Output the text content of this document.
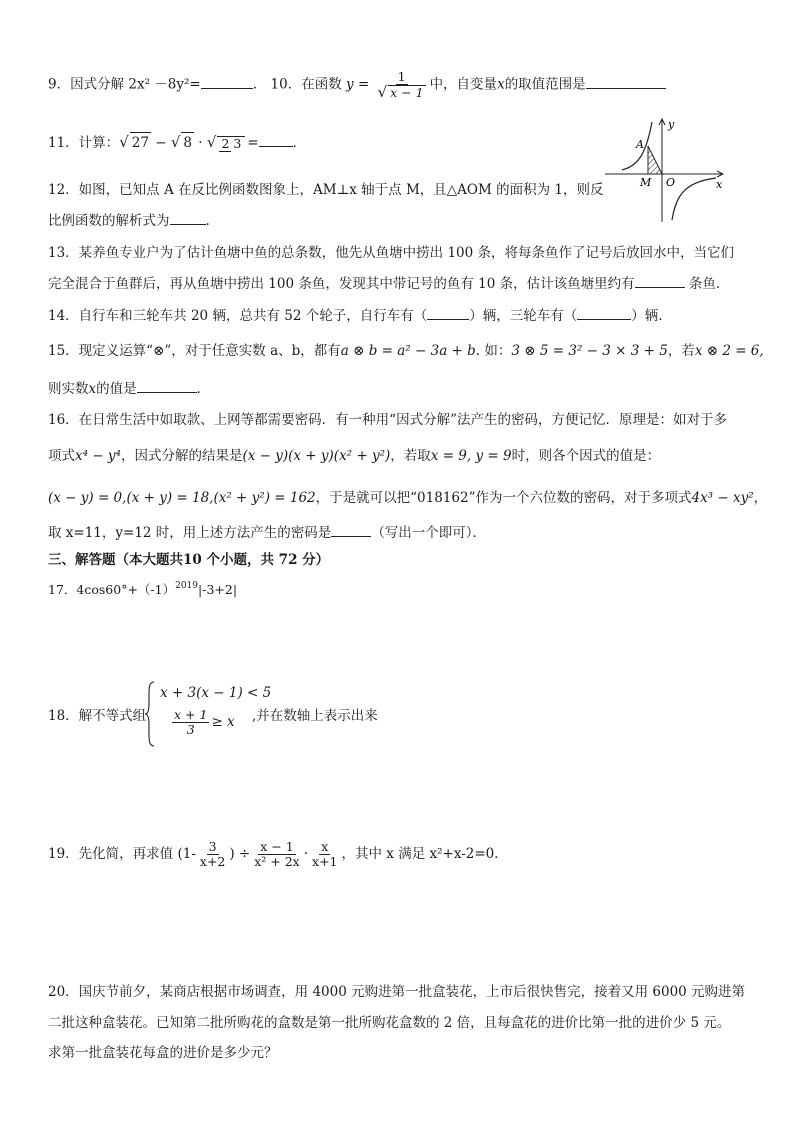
9．因式分解 2x² －8y²=	． 10．在函数 $y = \frac{1}{√ x - 1}$ 中，自变量x的取值范围是
11．计算：√ 27 − √ 8 · √ 2 3 =	．	A
M O	x
y
12．如图，已知点 A 在反比例函数图象上，AM⊥x 轴于点 M，且△AOM 的面积为 1，则反
比例函数的解析式为	.
13．某养鱼专业户为了估计鱼塘中鱼的总条数，他先从鱼塘中捞出 100 条，将每条鱼作了记号后放回水中，当它们
完全混合于鱼群后，再从鱼塘中捞出 100 条鱼，发现其中带记号的鱼有 10 条，估计该鱼塘里约有	条鱼.
14．自行车和三轮车共 20 辆，总共有 52 个轮子，自行车有（	）辆，三轮车有（	）辆.
15．现定义运算“⊗”，对于任意实数 a、b，都有a ⊗ b = a² − 3a + b. 如：3 ⊗ 5 = 3² − 3 × 3 + 5，若x ⊗ 2 = 6,
则实数x的值是	．
16．在日常生活中如取款、上网等都需要密码．有一种用“因式分解”法产生的密码，方便记忆．原理是：如对于多
项式x⁴ − y⁴，因式分解的结果是(x − y)(x + y)(x² + y²)，若取x = 9, y = 9时，则各个因式的值是：
(x − y) = 0,(x + y) = 18,(x² + y²) = 162，于是就可以把“018162”作为一个六位数的密码，对于多项式4x³ − xy²，
取 x=11，y=12 时，用上述方法产生的密码是	（写出一个即可）．
三、解答题（本大题共10 个小题，共 72 分）
17．$4\cos 60^\circ+(-1)^{2019}|-3+2|$
18．解不等式组
x + 3(x − 1) < 5
$\frac{x + 1}{3} \ge x$ ,并在数轴上表示出来
19．先化简，再求值 ($1- \frac{3}{x+2}$ ) ÷ $\frac{x - 1}{\text{x² + 2x}} \cdot \frac{x}{x+1}$ ，其中 x 满足 x²+x-2=0．
20．国庆节前夕，某商店根据市场调查，用 4000 元购进第一批盒装花，上市后很快售完，接着又用 6000 元购进第
二批这种盒装花。已知第二批所购花的盒数是第一批所购花盒数的 2 倍，且每盒花的进价比第一批的进价少 5 元。
求第一批盒装花每盒的进价是多少元？
